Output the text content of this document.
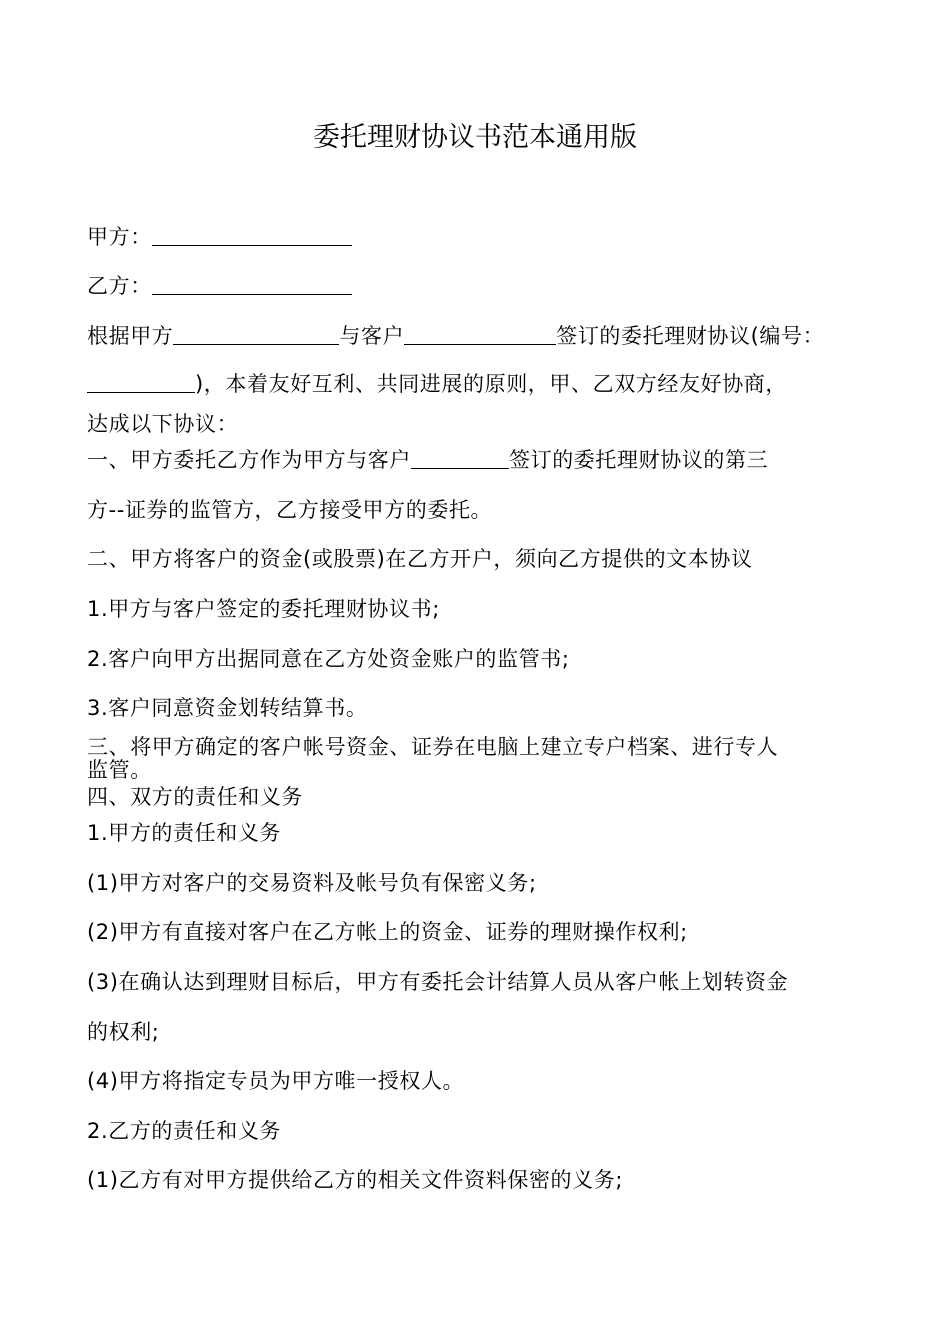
委托理财协议书范本通用版
甲方：
乙方：
根据甲方	与客户	签订的委托理财协议(编号：
)，本着友好互利、共同进展的原则，甲、乙双方经友好协商，
达成以下协议：
一、甲方委托乙方作为甲方与客户	签订的委托理财协议的第三
方--证券的监管方，乙方接受甲方的委托。
二、甲方将客户的资金(或股票)在乙方开户，须向乙方提供的文本协议
1.甲方与客户签定的委托理财协议书;
2.客户向甲方出据同意在乙方处资金账户的监管书;
3.客户同意资金划转结算书。
三、将甲方确定的客户帐号资金、证券在电脑上建立专户档案、进行专人
监管。
四、双方的责任和义务
1.甲方的责任和义务
(1)甲方对客户的交易资料及帐号负有保密义务;
(2)甲方有直接对客户在乙方帐上的资金、证券的理财操作权利;
(3)在确认达到理财目标后，甲方有委托会计结算人员从客户帐上划转资金
的权利;
(4)甲方将指定专员为甲方唯一授权人。
2.乙方的责任和义务
(1)乙方有对甲方提供给乙方的相关文件资料保密的义务;
